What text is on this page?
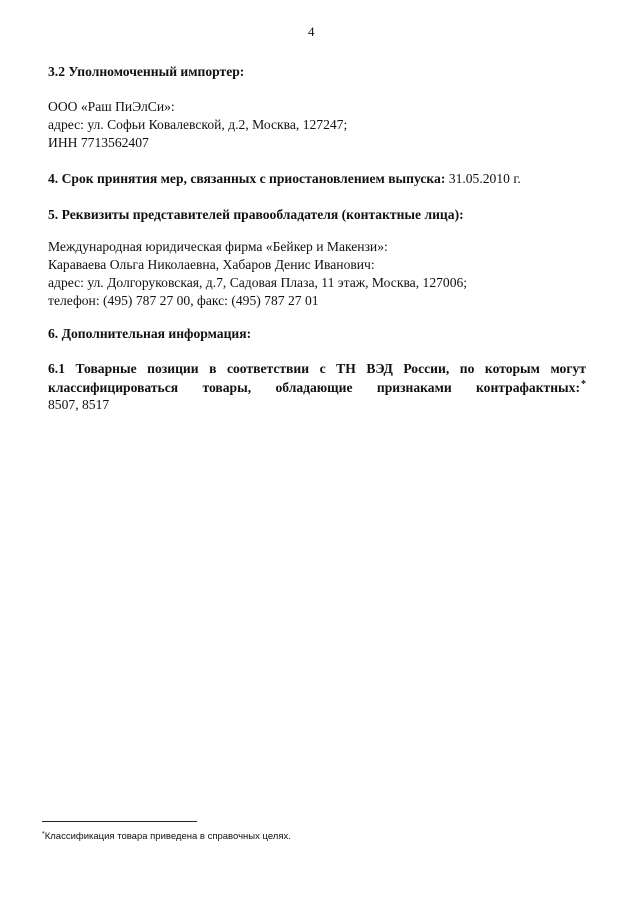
4
3.2 Уполномоченный импортер:
ООО «Раш ПиЭлСи»:
адрес: ул. Софьи Ковалевской, д.2, Москва, 127247;
ИНН 7713562407
4. Срок принятия мер, связанных с приостановлением выпуска: 31.05.2010 г.
5. Реквизиты представителей правообладателя (контактные лица):
Международная юридическая фирма «Бейкер и Макензи»:
Караваева Ольга Николаевна, Хабаров Денис Иванович:
адрес: ул. Долгоруковская, д.7, Садовая Плаза, 11 этаж, Москва, 127006;
телефон: (495) 787 27 00, факс: (495) 787 27 01
6. Дополнительная информация:
6.1 Товарные позиции в соответствии с ТН ВЭД России, по которым могут
классифицироваться товары, обладающие признаками контрафактных:*
8507, 8517
*Классификация товара приведена в справочных целях.
